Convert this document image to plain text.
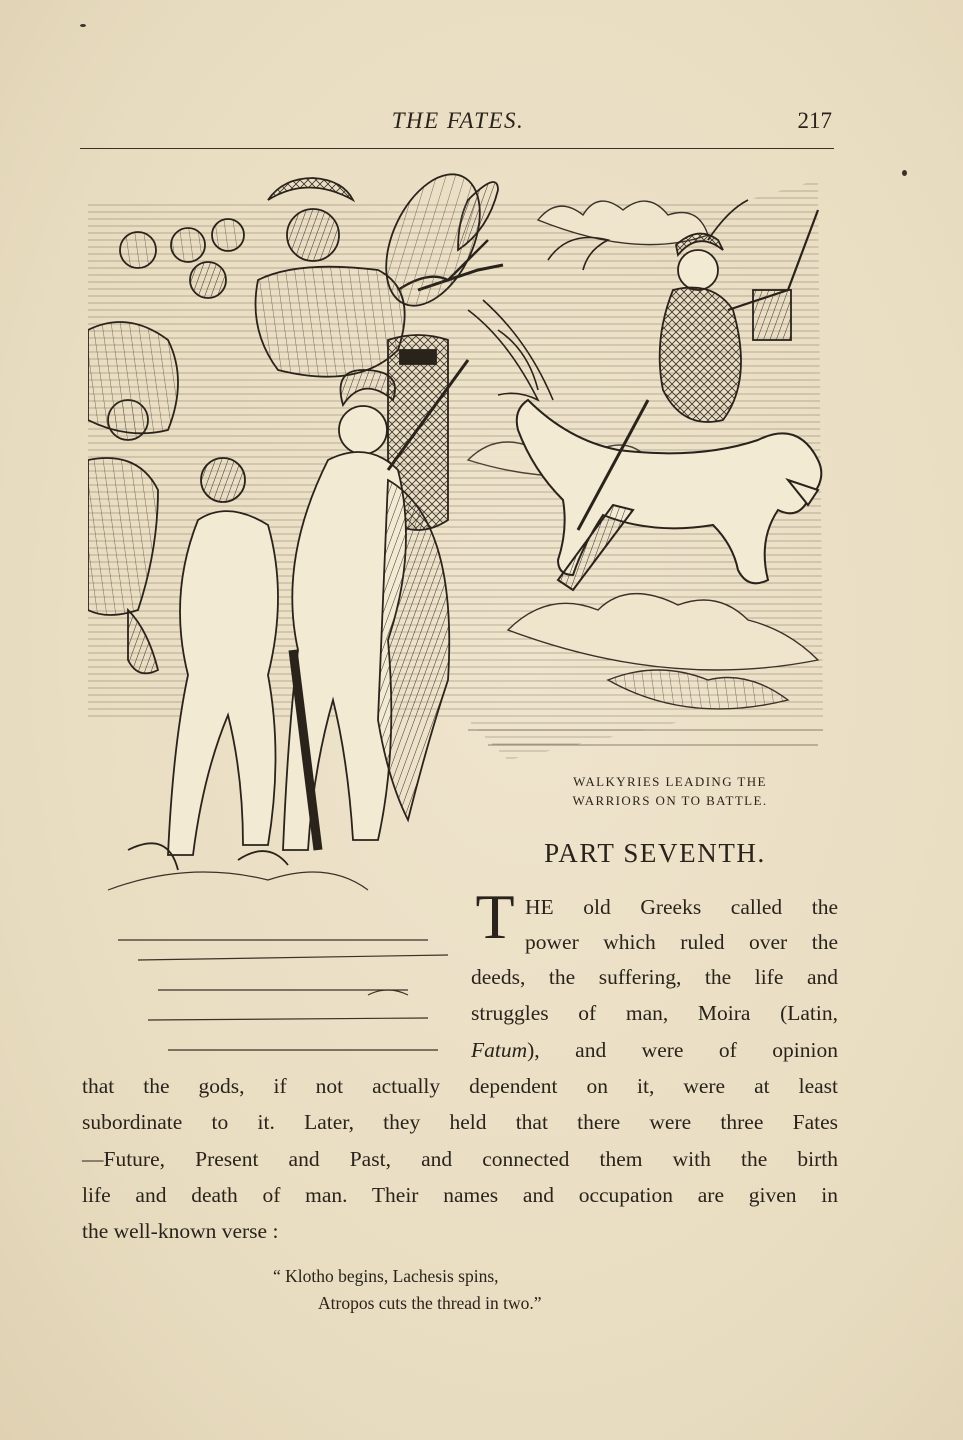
THE FATES.	217
WALKYRIES LEADING THE
WARRIORS ON TO BATTLE.
PART SEVENTH.
T HE old Greeks called the
power which ruled over the
deeds, the suffering, the life and
struggles of man, Moira (Latin,
Fatum), and were of opinion
that the gods, if not actually dependent on it, were at least
subordinate to it. Later, they held that there were three Fates
—Future, Present and Past, and connected them with the birth
life and death of man. Their names and occupation are given in
the well-known verse :
“ Klotho begins, Lachesis spins,
Atropos cuts the thread in two.”
